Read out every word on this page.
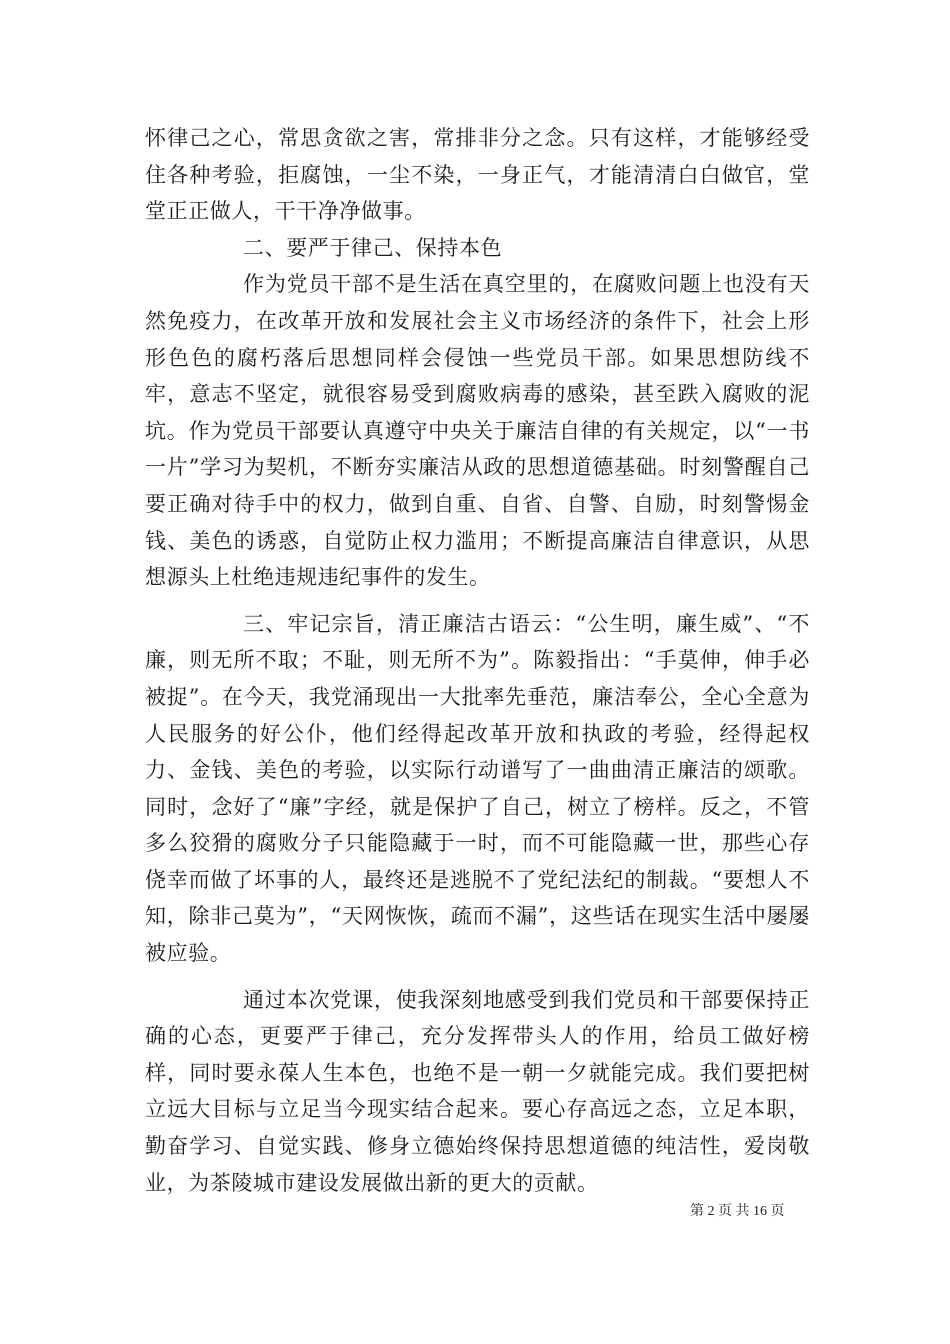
怀律己之心，常思贪欲之害，常排非分之念。只有这样，才能够经受住各种考验，拒腐蚀，一尘不染，一身正气，才能清清白白做官，堂堂正正做人，干干净净做事。

二、要严于律己、保持本色

作为党员干部不是生活在真空里的，在腐败问题上也没有天然免疫力，在改革开放和发展社会主义市场经济的条件下，社会上形形色色的腐朽落后思想同样会侵蚀一些党员干部。如果思想防线不牢，意志不坚定，就很容易受到腐败病毒的感染，甚至跌入腐败的泥坑。作为党员干部要认真遵守中央关于廉洁自律的有关规定，以“一书一片”学习为契机，不断夯实廉洁从政的思想道德基础。时刻警醒自己要正确对待手中的权力，做到自重、自省、自警、自励，时刻警惕金钱、美色的诱惑，自觉防止权力滥用；不断提高廉洁自律意识，从思想源头上杜绝违规违纪事件的发生。

三、牢记宗旨，清正廉洁古语云：“公生明，廉生威”、“不廉，则无所不取；不耻，则无所不为”。陈毅指出：“手莫伸，伸手必被捉”。在今天，我党涌现出一大批率先垂范，廉洁奉公，全心全意为人民服务的好公仆，他们经得起改革开放和执政的考验，经得起权力、金钱、美色的考验，以实际行动谱写了一曲曲清正廉洁的颂歌。同时，念好了“廉”字经，就是保护了自己，树立了榜样。反之，不管多么狡猾的腐败分子只能隐藏于一时，而不可能隐藏一世，那些心存侥幸而做了坏事的人，最终还是逃脱不了党纪法纪的制裁。“要想人不知，除非己莫为”，“天网恢恢，疏而不漏”，这些话在现实生活中屡屡被应验。

通过本次党课，使我深刻地感受到我们党员和干部要保持正确的心态，更要严于律己，充分发挥带头人的作用，给员工做好榜样，同时要永葆人生本色，也绝不是一朝一夕就能完成。我们要把树立远大目标与立足当今现实结合起来。要心存高远之态，立足本职，勤奋学习、自觉实践、修身立德始终保持思想道德的纯洁性，爱岗敬业，为茶陵城市建设发展做出新的更大的贡献。

第 2 页 共 16 页
